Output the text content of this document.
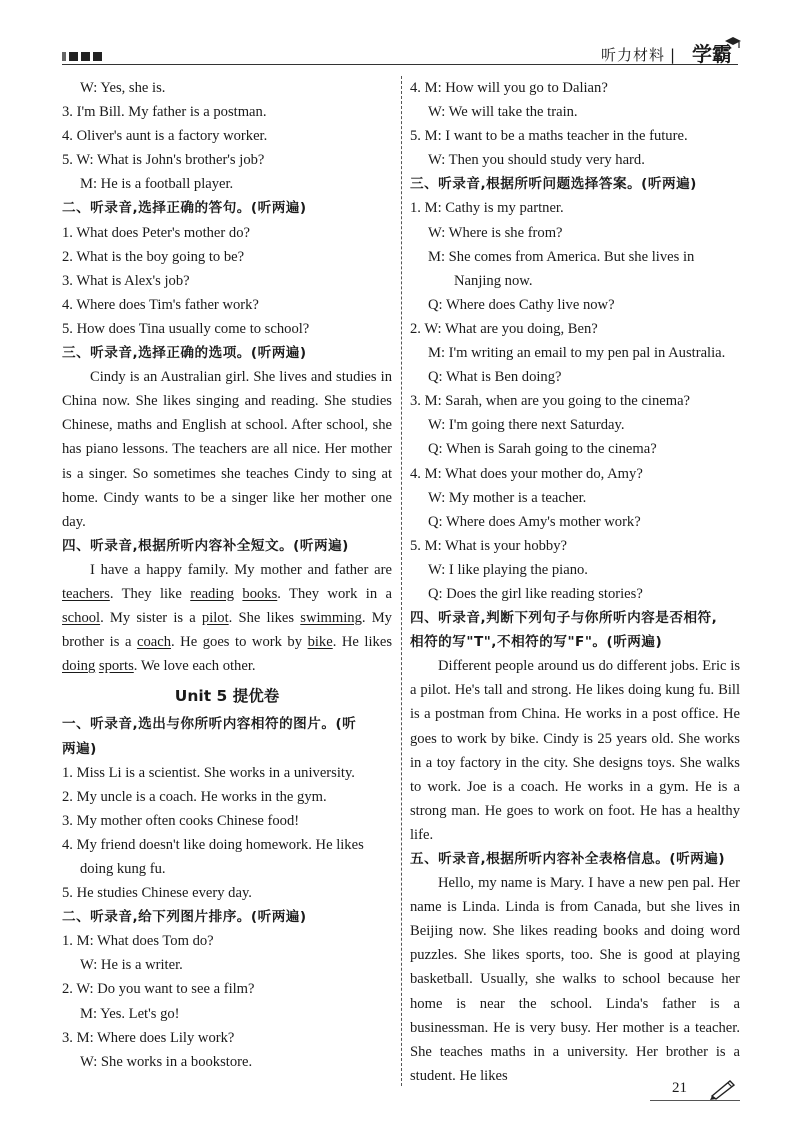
|
听力材料 学霸
W: Yes, she is.
3. I'm Bill. My father is a postman.
4. Oliver's aunt is a factory worker.
5. W: What is John's brother's job?
M: He is a football player.
二、听录音,选择正确的答句。(听两遍)
1. What does Peter's mother do?
2. What is the boy going to be?
3. What is Alex's job?
4. Where does Tim's father work?
5. How does Tina usually come to school?
三、听录音,选择正确的选项。(听两遍)

Cindy is an Australian girl. She lives and studies in China now. She likes singing and reading. She studies Chinese, maths and English at school. After school, she has piano lessons. The teachers are all nice. Her mother is a singer. So sometimes she teaches Cindy to sing at home. Cindy wants to be a singer like her mother one day.

四、听录音,根据所听内容补全短文。(听两遍)

I have a happy family. My mother and father are teachers. They like reading books. They work in a school. My sister is a pilot. She likes swimming. My brother is a coach. He goes to work by bike. He likes doing sports. We love each other.

Unit 5 提优卷
一、听录音,选出与你所听内容相符的图片。(听
两遍)
1. Miss Li is a scientist. She works in a university.
2. My uncle is a coach. He works in the gym.
3. My mother often cooks Chinese food!
4. My friend doesn't like doing homework. He likes
doing kung fu.
5. He studies Chinese every day.
二、听录音,给下列图片排序。(听两遍)
1. M: What does Tom do?
W: He is a writer.
2. W: Do you want to see a film?
M: Yes. Let's go!
3. M: Where does Lily work?
W: She works in a bookstore.
4. M: How will you go to Dalian?
W: We will take the train.
5. M: I want to be a maths teacher in the future.
W: Then you should study very hard.
三、听录音,根据所听问题选择答案。(听两遍)
1. M: Cathy is my partner.
W: Where is she from?
M: She comes from America. But she lives in
Nanjing now.
Q: Where does Cathy live now?
2. W: What are you doing, Ben?
M: I'm writing an email to my pen pal in Australia.
Q: What is Ben doing?
3. M: Sarah, when are you going to the cinema?
W: I'm going there next Saturday.
Q: When is Sarah going to the cinema?
4. M: What does your mother do, Amy?
W: My mother is a teacher.
Q: Where does Amy's mother work?
5. M: What is your hobby?
W: I like playing the piano.
Q: Does the girl like reading stories?
四、听录音,判断下列句子与你所听内容是否相符,
相符的写"T",不相符的写"F"。(听两遍)

Different people around us do different jobs. Eric is a pilot. He's tall and strong. He likes doing kung fu. Bill is a postman from China. He works in a post office. He goes to work by bike. Cindy is 25 years old. She works in a toy factory in the city. She designs toys. She walks to work. Joe is a coach. He works in a gym. He is a strong man. He goes to work on foot. He has a healthy life.

五、听录音,根据所听内容补全表格信息。(听两遍)

Hello, my name is Mary. I have a new pen pal. Her name is Linda. Linda is from Canada, but she lives in Beijing now. She likes reading books and doing word puzzles. She likes sports, too. She is good at playing basketball. Usually, she walks to school because her home is near the school. Linda's father is a businessman. He is very busy. Her mother is a teacher. She teaches maths in a university. Her brother is a student. He likes

21
